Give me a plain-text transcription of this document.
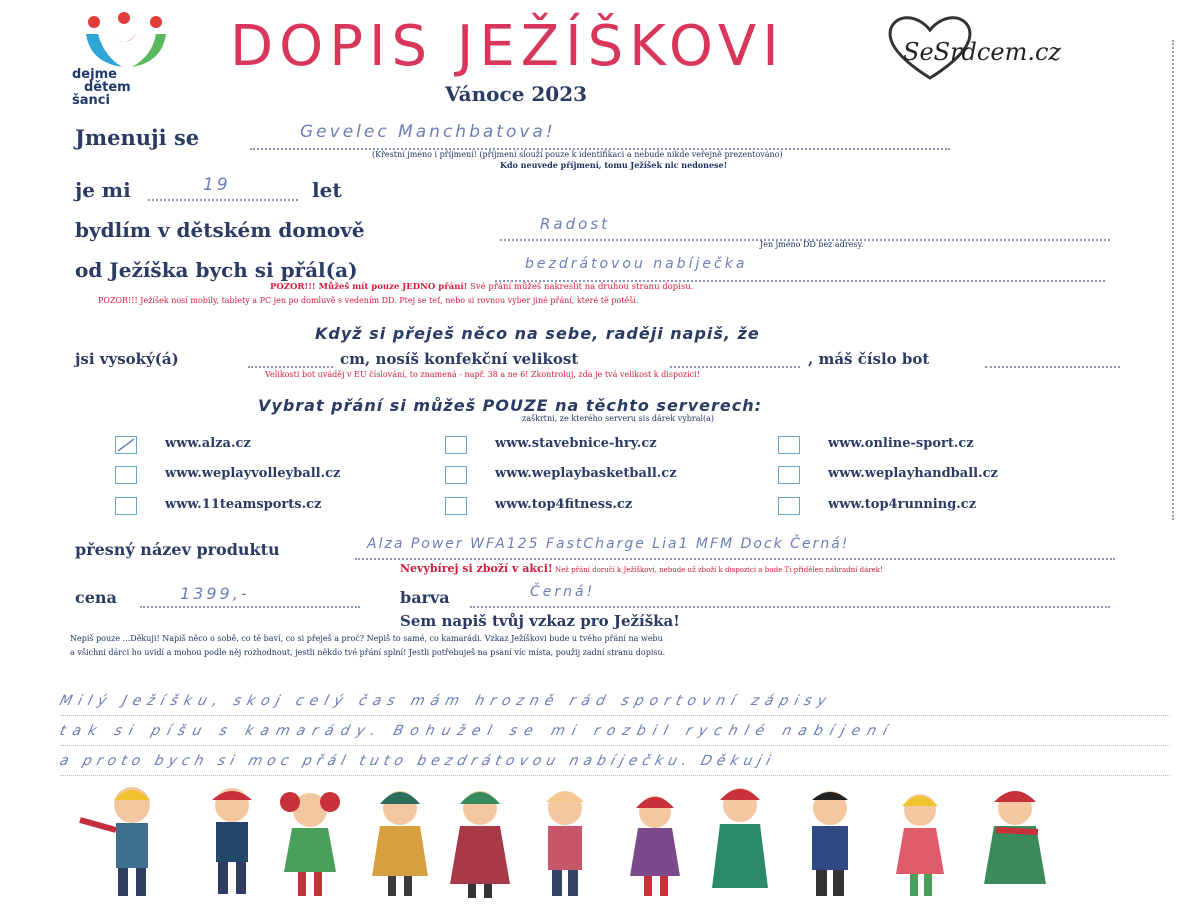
dejme
dětem
šanci
DOPIS JEŽÍŠKOVI
Vánoce 2023
SeSrdcem.cz
Jmenuji se	Gevelec Manchbatova!
(Křestní jméno i příjmení! (příjmení slouží pouze k identifikaci a nebude nikde veřejně prezentováno)
Kdo neuvede příjmení, tomu Ježíšek nic nedonese!
je mi	19	let
bydlím v dětském domově	Radost
Jen jméno DD bez adresy.
od Ježíška bych si přál(a)	bezdrátovou nabíječka
POZOR!!! Můžeš mít pouze JEDNO přání! Své přání můžeš nakreslit na druhou stranu dopisu.
POZOR!!! Ježíšek nosí mobily, tablety a PC jen po domluvě s vedením DD. Ptej se teť, nebo si rovnou vyber jiné přání, které tě potěší.
Když si přeješ něco na sebe, raději napiš, že
jsi vysoký(á)	cm, nosíš konfekční velikost	, máš číslo bot
Velikosti bot uváděj v EU číslování, to znamená - např. 38 a ne 6! Zkontroluj, zda je tvá velikost k dispozici!
Vybrat přání si můžeš POUZE na těchto serverech:
zaškrtni, ze kterého serveru sis dárek vybral(a)
www.alza.cz	www.stavebnice-hry.cz	www.online-sport.cz
www.weplayvolleyball.cz	www.weplaybasketball.cz	www.weplayhandball.cz
www.11teamsports.cz	www.top4fitness.cz	www.top4running.cz
přesný název produktu	Alza Power WFA125 FastCharge Lia1 MFM Dock Černá!
Nevybírej si zboží v akci! Než přání doručí k Ježíškovi, nebude už zboží k dispozici a bude Ti přidělen náhradní dárek!
cena	1399,-	barva	Černá!
Sem napiš tvůj vzkaz pro Ježíška!
Nepiš pouze ...Děkuji! Napiš něco o sobě, co tě baví, co si přeješ a proč? Nepiš to samé, co kamarádi. Vzkaz Ježíškovi bude u tvého přání na webu
a všichni dárci ho uvidí a mohou podle něj rozhodnout, jestli někdo tvé přání splní! Jestli potřebuješ na psaní víc místa, použij zadní stranu dopisu.
Milý Ježíšku, skoj celý čas mám hrozně rád sportovní zápisy
tak si píšu s kamarády. Bohužel se mi rozbil rychlé nabíjení
a proto bych si moc přál tuto bezdrátovou nabíječku. Děkuji
